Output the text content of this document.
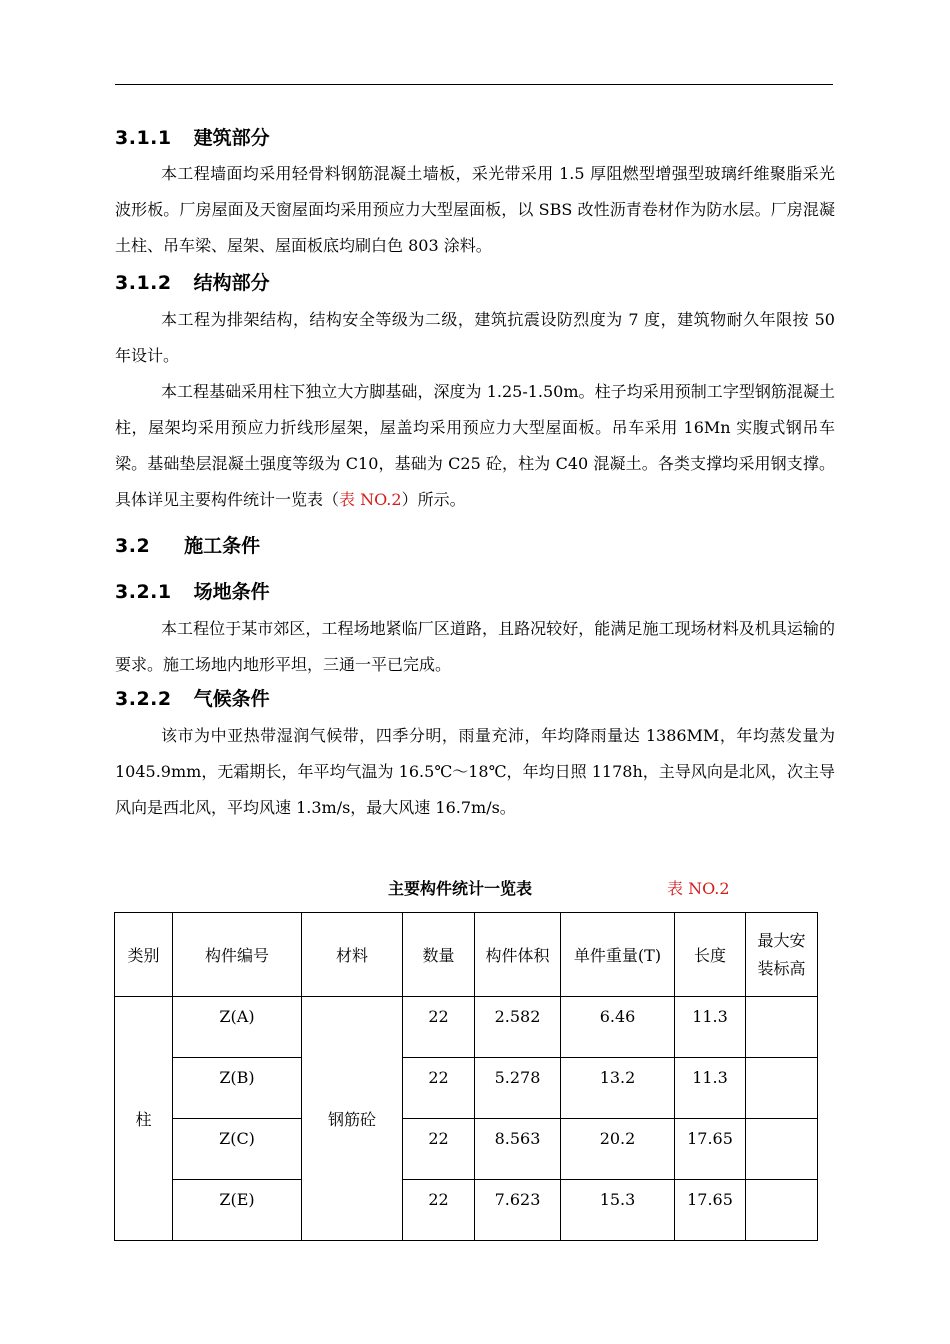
3.1.1 建筑部分

本工程墙面均采用轻骨料钢筋混凝土墙板，采光带采用 1.5 厚阻燃型增强型玻璃纤维聚脂采光波形板。厂房屋面及天窗屋面均采用预应力大型屋面板，以 SBS 改性沥青卷材作为防水层。厂房混凝土柱、吊车梁、屋架、屋面板底均刷白色 803 涂料。

3.1.2 结构部分

本工程为排架结构，结构安全等级为二级，建筑抗震设防烈度为 7 度，建筑物耐久年限按 50 年设计。

本工程基础采用柱下独立大方脚基础，深度为 1.25-1.50m。柱子均采用预制工字型钢筋混凝土柱，屋架均采用预应力折线形屋架，屋盖均采用预应力大型屋面板。吊车采用 16Mn 实腹式钢吊车梁。基础垫层混凝土强度等级为 C10，基础为 C25 砼，柱为 C40 混凝土。各类支撑均采用钢支撑。具体详见主要构件统计一览表（表 NO.2）所示。

3.2 施工条件
3.2.1 场地条件

本工程位于某市郊区，工程场地紧临厂区道路，且路况较好，能满足施工现场材料及机具运输的要求。施工场地内地形平坦，三通一平已完成。

3.2.2 气候条件

该市为中亚热带湿润气候带，四季分明，雨量充沛，年均降雨量达 1386MM，年均蒸发量为 1045.9mm，无霜期长，年平均气温为 16.5℃～18℃，年均日照 1178h，主导风向是北风，次主导风向是西北风，平均风速 1.3m/s，最大风速 16.7m/s。

主要构件统计一览表	表 NO.2
类别	构件编号	材料	数量	构件体积	单件重量(T)	长度	最大安
装标高
柱	Z(A)	钢筋砼	22	2.582	6.46	11.3	
	Z(B)		22	5.278	13.2	11.3	
	Z(C)		22	8.563	20.2	17.65	
	Z(E)		22	7.623	15.3	17.65	
